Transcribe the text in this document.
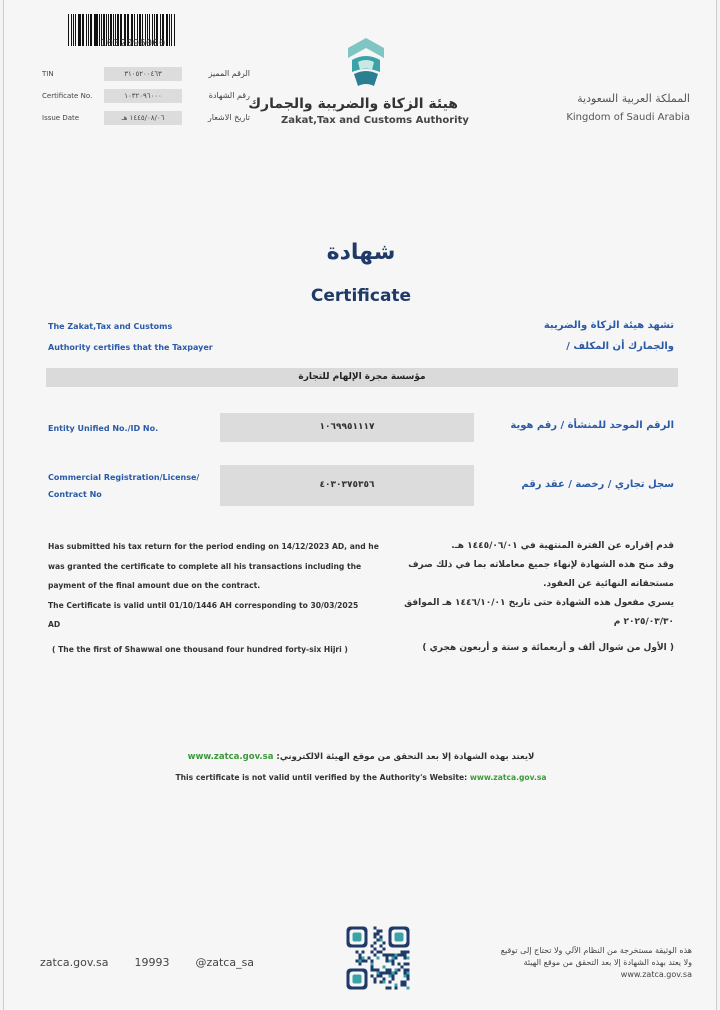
1032096000
TIN	٣١٠٥٢٠٠٤٦٣	الرقم المميز
Certificate No.	١٠٣٢٠٩٦٠٠٠	رقم الشهادة
Issue Date	١٤٤٥/٠٨/٠٦ هـ	تاريخ الاشعار
هيئة الزكاة والضريبة والجمارك
Zakat,Tax and Customs Authority
المملكة العربية السعودية
Kingdom of Saudi Arabia
شهادة
Certificate
The Zakat,Tax and Customs
Authority certifies that the Taxpayer
تشهد هيئة الزكاة والضريبة
والجمارك أن المكلف /
مؤسسة مجرة الإلهام للتجارة
Entity Unified No./ID No.	١٠٦٩٩٥١١١٧	الرقم الموحد للمنشأة / رقم هوية
Commercial Registration/License/
Contract No
٤٠٣٠٣٧٥٣٥٦	سجل تجاري / رخصة / عقد رقم
Has submitted his tax return for the period ending on 14/12/2023 AD, and he
was granted the certificate to complete all his transactions including the
payment of the final amount due on the contract.
The Certificate is valid until 01/10/1446 AH corresponding to 30/03/2025
AD
قدم إقراره عن الفترة المنتهية في ١٤٤٥/٠٦/٠١ هـ.
وقد منح هذه الشهادة لإنهاء جميع معاملاته بما في ذلك صرف
مستحقاته النهائية عن العقود.
يسري مفعول هذه الشهادة حتى تاريخ ١٤٤٦/١٠/٠١ هـ الموافق
٢٠٢٥/٠٣/٣٠ م
( The the first of Shawwal one thousand four hundred forty-six Hijri )	( الأول من شوال ألف و أربعمائة و ستة و أربعون هجري )
لايعتد بهذه الشهادة إلا بعد التحقق من موقع الهيئة الالكتروني: www.zatca.gov.sa
This certificate is not valid until verified by the Authority's Website: www.zatca.gov.sa
zatca.gov.sa 19993 @zatca_sa
هذه الوثيقة مستخرجة من النظام الآلي ولا تحتاج إلى توقيع
ولا يعتد بهذه الشهادة إلا بعد التحقق من موقع الهيئة
www.zatca.gov.sa
